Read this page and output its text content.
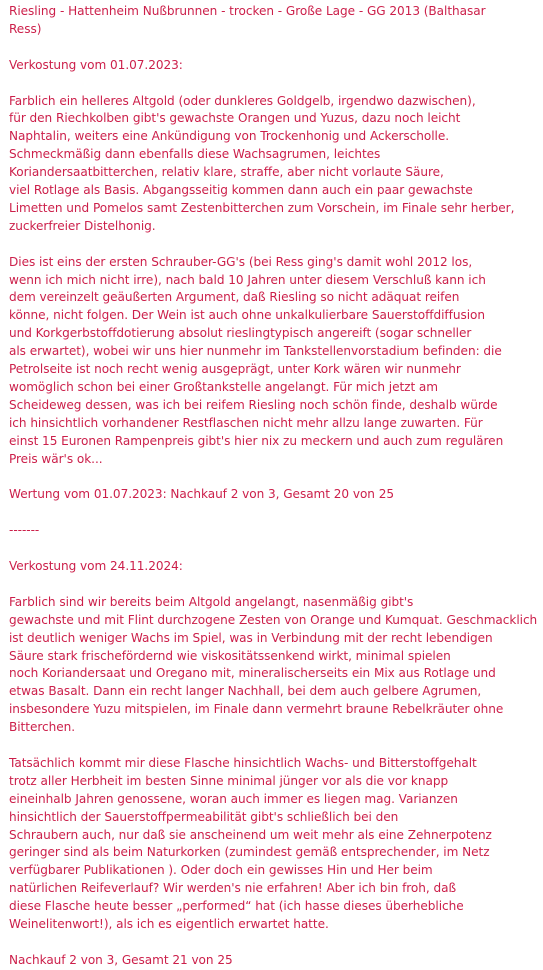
Riesling - Hattenheim Nußbrunnen - trocken - Große Lage - GG 2013 (Balthasar
Ress)
Verkostung vom 01.07.2023:
Farblich ein helleres Altgold (oder dunkleres Goldgelb, irgendwo dazwischen),
für den Riechkolben gibt's gewachste Orangen und Yuzus, dazu noch leicht
Naphtalin, weiters eine Ankündigung von Trockenhonig und Ackerscholle.
Schmeckmäßig dann ebenfalls diese Wachsagrumen, leichtes
Koriandersaatbitterchen, relativ klare, straffe, aber nicht vorlaute Säure,
viel Rotlage als Basis. Abgangsseitig kommen dann auch ein paar gewachste
Limetten und Pomelos samt Zestenbitterchen zum Vorschein, im Finale sehr herber,
zuckerfreier Distelhonig.
Dies ist eins der ersten Schrauber-GG's (bei Ress ging's damit wohl 2012 los,
wenn ich mich nicht irre), nach bald 10 Jahren unter diesem Verschluß kann ich
dem vereinzelt geäußerten Argument, daß Riesling so nicht adäquat reifen
könne, nicht folgen. Der Wein ist auch ohne unkalkulierbare Sauerstoffdiffusion
und Korkgerbstoffdotierung absolut rieslingtypisch angereift (sogar schneller
als erwartet), wobei wir uns hier nunmehr im Tankstellenvorstadium befinden: die
Petrolseite ist noch recht wenig ausgeprägt, unter Kork wären wir nunmehr
womöglich schon bei einer Großtankstelle angelangt. Für mich jetzt am
Scheideweg dessen, was ich bei reifem Riesling noch schön finde, deshalb würde
ich hinsichtlich vorhandener Restflaschen nicht mehr allzu lange zuwarten. Für
einst 15 Euronen Rampenpreis gibt's hier nix zu meckern und auch zum regulären
Preis wär's ok...
Wertung vom 01.07.2023: Nachkauf 2 von 3, Gesamt 20 von 25
-------
Verkostung vom 24.11.2024:
Farblich sind wir bereits beim Altgold angelangt, nasenmäßig gibt's
gewachste und mit Flint durchzogene Zesten von Orange und Kumquat. Geschmacklich
ist deutlich weniger Wachs im Spiel, was in Verbindung mit der recht lebendigen
Säure stark frischefördernd wie viskositätssenkend wirkt, minimal spielen
noch Koriandersaat und Oregano mit, mineralischerseits ein Mix aus Rotlage und
etwas Basalt. Dann ein recht langer Nachhall, bei dem auch gelbere Agrumen,
insbesondere Yuzu mitspielen, im Finale dann vermehrt braune Rebelkräuter ohne
Bitterchen.
Tatsächlich kommt mir diese Flasche hinsichtlich Wachs- und Bitterstoffgehalt
trotz aller Herbheit im besten Sinne minimal jünger vor als die vor knapp
eineinhalb Jahren genossene, woran auch immer es liegen mag. Varianzen
hinsichtlich der Sauerstoffpermeabilität gibt's schließlich bei den
Schraubern auch, nur daß sie anscheinend um weit mehr als eine Zehnerpotenz
geringer sind als beim Naturkorken (zumindest gemäß entsprechender, im Netz
verfügbarer Publikationen ). Oder doch ein gewisses Hin und Her beim
natürlichen Reifeverlauf? Wir werden's nie erfahren! Aber ich bin froh, daß
diese Flasche heute besser „performed“ hat (ich hasse dieses überhebliche
Weinelitenwort!), als ich es eigentlich erwartet hatte.
Nachkauf 2 von 3, Gesamt 21 von 25
